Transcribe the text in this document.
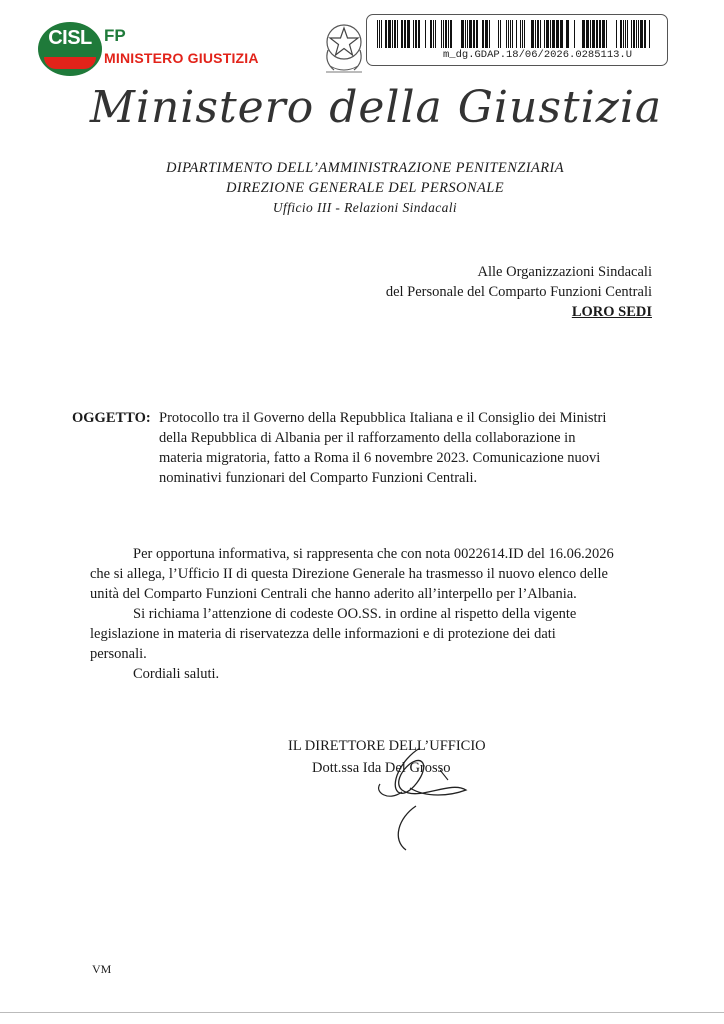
CISL FP
MINISTERO GIUSTIZIA	m_dg.GDAP.18/06/2026.0285113.U
Ministero della Giustizia
DIPARTIMENTO DELL’AMMINISTRAZIONE PENITENZIARIA
DIREZIONE GENERALE DEL PERSONALE
Ufficio III - Relazioni Sindacali
Alle Organizzazioni Sindacali
del Personale del Comparto Funzioni Centrali
LORO SEDI
OGGETTO: Protocollo tra il Governo della Repubblica Italiana e il Consiglio dei Ministri
della Repubblica di Albania per il rafforzamento della collaborazione in
materia migratoria, fatto a Roma il 6 novembre 2023. Comunicazione nuovi
nominativi funzionari del Comparto Funzioni Centrali.
Per opportuna informativa, si rappresenta che con nota 0022614.ID del 16.06.2026
che si allega, l’Ufficio II di questa Direzione Generale ha trasmesso il nuovo elenco delle
unità del Comparto Funzioni Centrali che hanno aderito all’interpello per l’Albania.
Si richiama l’attenzione di codeste OO.SS. in ordine al rispetto della vigente
legislazione in materia di riservatezza delle informazioni e di protezione dei dati
personali.
Cordiali saluti.
IL DIRETTORE DELL’UFFICIO
Dott.ssa Ida Del Grosso
VM
